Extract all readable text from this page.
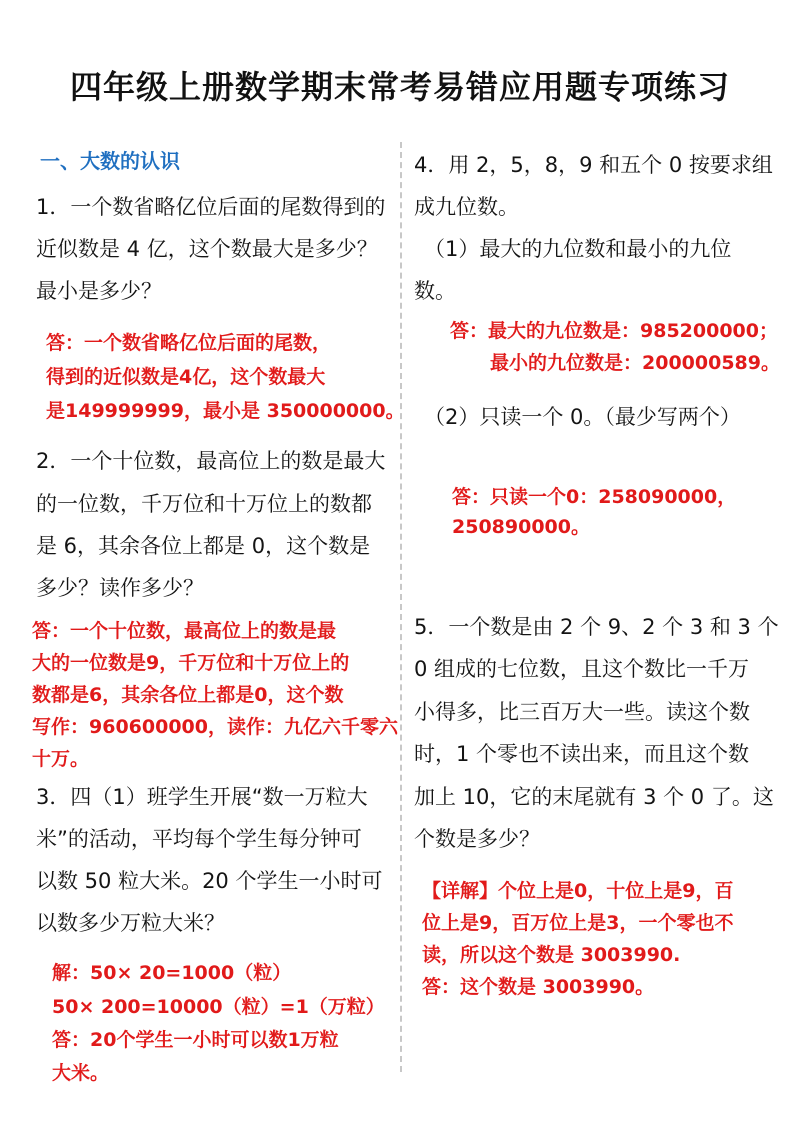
四年级上册数学期末常考易错应用题专项练习

一、大数的认识

1．一个数省略亿位后面的尾数得到的

近似数是 4 亿，这个数最大是多少？

最小是多少？

答：一个数省略亿位后面的尾数，

得到的近似数是4亿，这个数最大

是149999999，最小是 350000000。

2．一个十位数，最高位上的数是最大

的一位数，千万位和十万位上的数都

是 6，其余各位上都是 0，这个数是

多少？读作多少？

答：一个十位数，最高位上的数是最

大的一位数是9，千万位和十万位上的

数都是6，其余各位上都是0，这个数

写作：960600000，读作：九亿六千零六

十万。

3．四（1）班学生开展“数一万粒大

米”的活动，平均每个学生每分钟可

以数 50 粒大米。20 个学生一小时可

以数多少万粒大米？

解：50× 20=1000（粒）

50× 200=10000（粒）=1（万粒）

答：20个学生一小时可以数1万粒

大米。

4．用 2，5，8，9 和五个 0 按要求组

成九位数。

（1）最大的九位数和最小的九位

数。

答：最大的九位数是：985200000；

最小的九位数是：200000589。

（2）只读一个 0。（最少写两个）

答：只读一个0：258090000，

250890000。

5．一个数是由 2 个 9、2 个 3 和 3 个

0 组成的七位数，且这个数比一千万

小得多，比三百万大一些。读这个数

时，1 个零也不读出来，而且这个数

加上 10，它的末尾就有 3 个 0 了。这

个数是多少？

【详解】个位上是0，十位上是9，百

位上是9，百万位上是3，一个零也不

读，所以这个数是 3003990.

答：这个数是 3003990。
